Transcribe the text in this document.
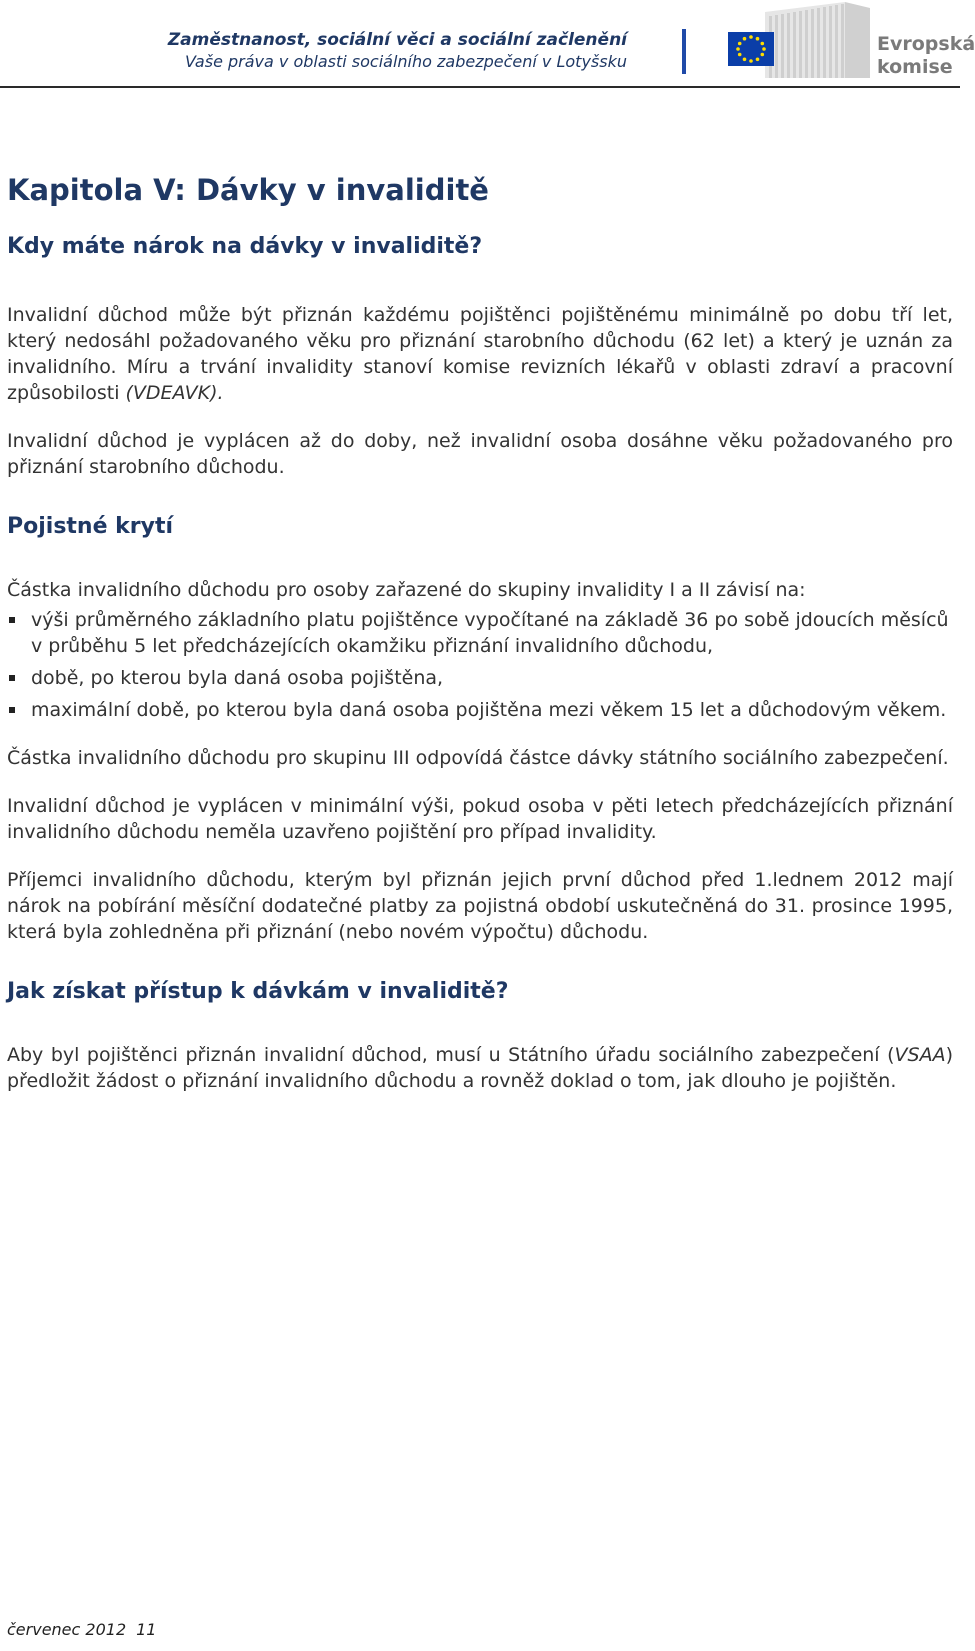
Zaměstnanost, sociální věci a sociální začlenění
Vaše práva v oblasti sociálního zabezpečení v Lotyšsku
Evropská
komise
Kapitola V: Dávky v invaliditě
Kdy máte nárok na dávky v invaliditě?

Invalidní důchod může být přiznán každému pojištěnci pojištěnému minimálně po dobu tří let, který nedosáhl požadovaného věku pro přiznání starobního důchodu (62 let) a který je uznán za invalidního. Míru a trvání invalidity stanoví komise revizních lékařů v oblasti zdraví a pracovní způsobilosti (VDEAVK).

Invalidní důchod je vyplácen až do doby, než invalidní osoba dosáhne věku požadovaného pro přiznání starobního důchodu.

Pojistné krytí

Částka invalidního důchodu pro osoby zařazené do skupiny invalidity I a II závisí na:

výši průměrného základního platu pojištěnce vypočítané na základě 36 po sobě jdoucích měsíců v průběhu 5 let předcházejících okamžiku přiznání invalidního důchodu,
době, po kterou byla daná osoba pojištěna,
maximální době, po kterou byla daná osoba pojištěna mezi věkem 15 let a důchodovým věkem.

Částka invalidního důchodu pro skupinu III odpovídá částce dávky státního sociálního zabezpečení.

Invalidní důchod je vyplácen v minimální výši, pokud osoba v pěti letech předcházejících přiznání invalidního důchodu neměla uzavřeno pojištění pro případ invalidity.

Příjemci invalidního důchodu, kterým byl přiznán jejich první důchod před 1.lednem 2012 mají nárok na pobírání měsíční dodatečné platby za pojistná období uskutečněná do 31. prosince 1995, která byla zohledněna při přiznání (nebo novém výpočtu) důchodu.

Jak získat přístup k dávkám v invaliditě?

Aby byl pojištěnci přiznán invalidní důchod, musí u Státního úřadu sociálního zabezpečení (VSAA) předložit žádost o přiznání invalidního důchodu a rovněž doklad o tom, jak dlouho je pojištěn.

červenec 2012 11
